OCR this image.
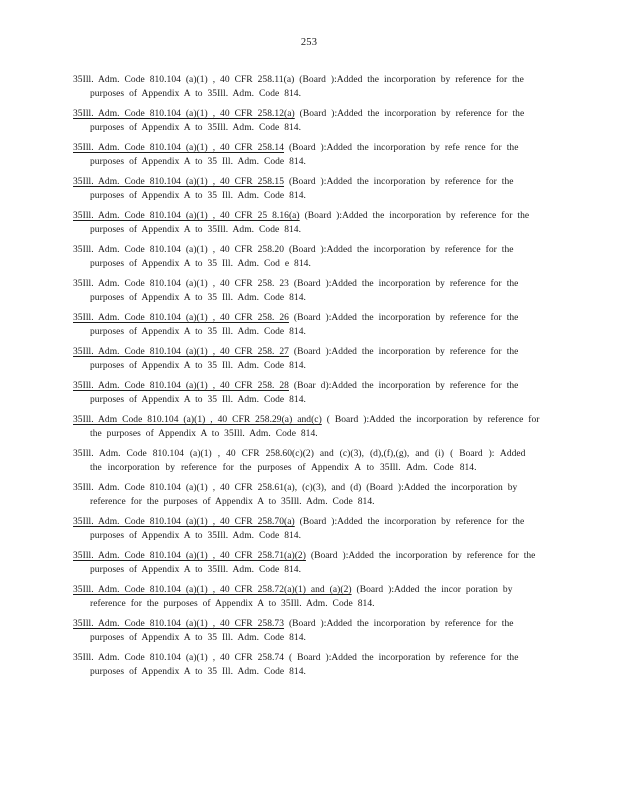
253

35Ill. Adm. Code 810.104 (a)(1) , 40 CFR 258.11(a) (Board ):Added the incorporation by reference for the purposes of Appendix A to 35Ill. Adm. Code 814.

35Ill. Adm. Code 810.104 (a)(1) , 40 CFR 258.12(a) (Board ):Added the incorporation by reference for the purposes of Appendix A to 35Ill. Adm. Code 814.

35Ill. Adm. Code 810.104 (a)(1) , 40 CFR 258.14 (Board ):Added the incorporation by refe rence for the purposes of Appendix A to 35 Ill. Adm. Code 814.

35Ill. Adm. Code 810.104 (a)(1) , 40 CFR 258.15 (Board ):Added the incorporation by reference for the purposes of Appendix A to 35 Ill. Adm. Code 814.

35Ill. Adm. Code 810.104 (a)(1) , 40 CFR 25 8.16(a) (Board ):Added the incorporation by reference for the purposes of Appendix A to 35Ill. Adm. Code 814.

35Ill. Adm. Code 810.104 (a)(1) , 40 CFR 258.20 (Board ):Added the incorporation by reference for the purposes of Appendix A to 35 Ill. Adm. Cod e 814.

35Ill. Adm. Code 810.104 (a)(1) , 40 CFR 258. 23 (Board ):Added the incorporation by reference for the purposes of Appendix A to 35 Ill. Adm. Code 814.

35Ill. Adm. Code 810.104 (a)(1) , 40 CFR 258. 26 (Board ):Added the incorporation by reference for the purposes of Appendix A to 35 Ill. Adm. Code 814.

35Ill. Adm. Code 810.104 (a)(1) , 40 CFR 258. 27 (Board ):Added the incorporation by reference for the purposes of Appendix A to 35 Ill. Adm. Code 814.

35Ill. Adm. Code 810.104 (a)(1) , 40 CFR 258. 28 (Boar d):Added the incorporation by reference for the purposes of Appendix A to 35 Ill. Adm. Code 814.

35Ill. Adm Code 810.104 (a)(1) , 40 CFR 258.29(a) and(c) ( Board ):Added the incorporation by reference for the purposes of Appendix A to 35Ill. Adm. Code 814.

35Ill. Adm. Code 810.104 (a)(1) , 40 CFR 258.60(c)(2) and (c)(3), (d),(f),(g), and (i) ( Board ): Added the incorporation by reference for the purposes of Appendix A to 35Ill. Adm. Code 814.

35Ill. Adm. Code 810.104 (a)(1) , 40 CFR 258.61(a), (c)(3), and (d) (Board ):Added the incorporation by reference for the purposes of Appendix A to 35Ill. Adm. Code 814.

35Ill. Adm. Code 810.104 (a)(1) , 40 CFR 258.70(a) (Board ):Added the incorporation by reference for the purposes of Appendix A to 35Ill. Adm. Code 814.

35Ill. Adm. Code 810.104 (a)(1) , 40 CFR 258.71(a)(2) (Board ):Added the incorporation by reference for the purposes of Appendix A to 35Ill. Adm. Code 814.

35Ill. Adm. Code 810.104 (a)(1) , 40 CFR 258.72(a)(1) and (a)(2) (Board ):Added the incor poration by reference for the purposes of Appendix A to 35Ill. Adm. Code 814.

35Ill. Adm. Code 810.104 (a)(1) , 40 CFR 258.73 (Board ):Added the incorporation by reference for the purposes of Appendix A to 35 Ill. Adm. Code 814.

35Ill. Adm. Code 810.104 (a)(1) , 40 CFR 258.74 ( Board ):Added the incorporation by reference for the purposes of Appendix A to 35 Ill. Adm. Code 814.
